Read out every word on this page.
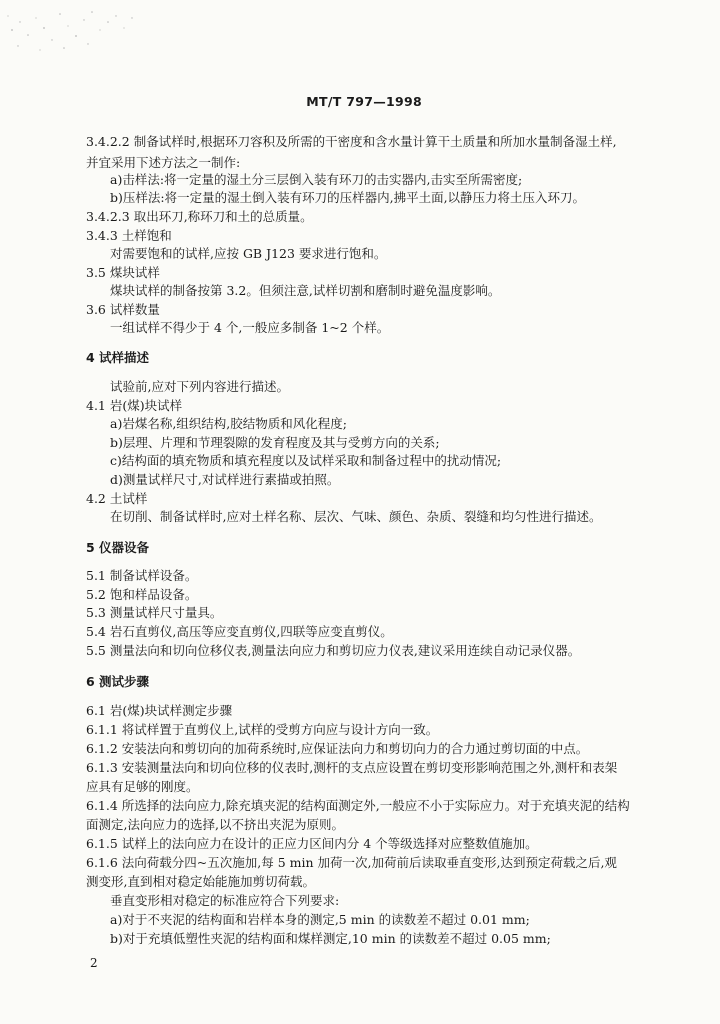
MT/T 797—1998
3.4.2.2 制备试样时,根据环刀容积及所需的干密度和含水量计算干土质量和所加水量制备湿土样,
并宜采用下述方法之一制作:
a)击样法:将一定量的湿土分三层倒入装有环刀的击实器内,击实至所需密度;
b)压样法:将一定量的湿土倒入装有环刀的压样器内,拂平土面,以静压力将土压入环刀。
3.4.2.3 取出环刀,称环刀和土的总质量。
3.4.3 土样饱和
对需要饱和的试样,应按 GB J123 要求进行饱和。
3.5 煤块试样
煤块试样的制备按第 3.2。但须注意,试样切割和磨制时避免温度影响。
3.6 试样数量
一组试样不得少于 4 个,一般应多制备 1~2 个样。
4 试样描述
试验前,应对下列内容进行描述。
4.1 岩(煤)块试样
a)岩煤名称,组织结构,胶结物质和风化程度;
b)层理、片理和节理裂隙的发育程度及其与受剪方向的关系;
c)结构面的填充物质和填充程度以及试样采取和制备过程中的扰动情况;
d)测量试样尺寸,对试样进行素描或拍照。
4.2 土试样
在切削、制备试样时,应对土样名称、层次、气味、颜色、杂质、裂缝和均匀性进行描述。
5 仪器设备
5.1 制备试样设备。
5.2 饱和样品设备。
5.3 测量试样尺寸量具。
5.4 岩石直剪仪,高压等应变直剪仪,四联等应变直剪仪。
5.5 测量法向和切向位移仪表,测量法向应力和剪切应力仪表,建议采用连续自动记录仪器。
6 测试步骤
6.1 岩(煤)块试样测定步骤
6.1.1 将试样置于直剪仪上,试样的受剪方向应与设计方向一致。
6.1.2 安装法向和剪切向的加荷系统时,应保证法向力和剪切向力的合力通过剪切面的中点。
6.1.3 安装测量法向和切向位移的仪表时,测杆的支点应设置在剪切变形影响范围之外,测杆和表架
应具有足够的刚度。
6.1.4 所选择的法向应力,除充填夹泥的结构面测定外,一般应不小于实际应力。对于充填夹泥的结构
面测定,法向应力的选择,以不挤出夹泥为原则。
6.1.5 试样上的法向应力在设计的正应力区间内分 4 个等级选择对应整数值施加。
6.1.6 法向荷载分四~五次施加,每 5 min 加荷一次,加荷前后读取垂直变形,达到预定荷载之后,观
测变形,直到相对稳定始能施加剪切荷载。
垂直变形相对稳定的标准应符合下列要求:
a)对于不夹泥的结构面和岩样本身的测定,5 min 的读数差不超过 0.01 mm;
b)对于充填低塑性夹泥的结构面和煤样测定,10 min 的读数差不超过 0.05 mm;
2
